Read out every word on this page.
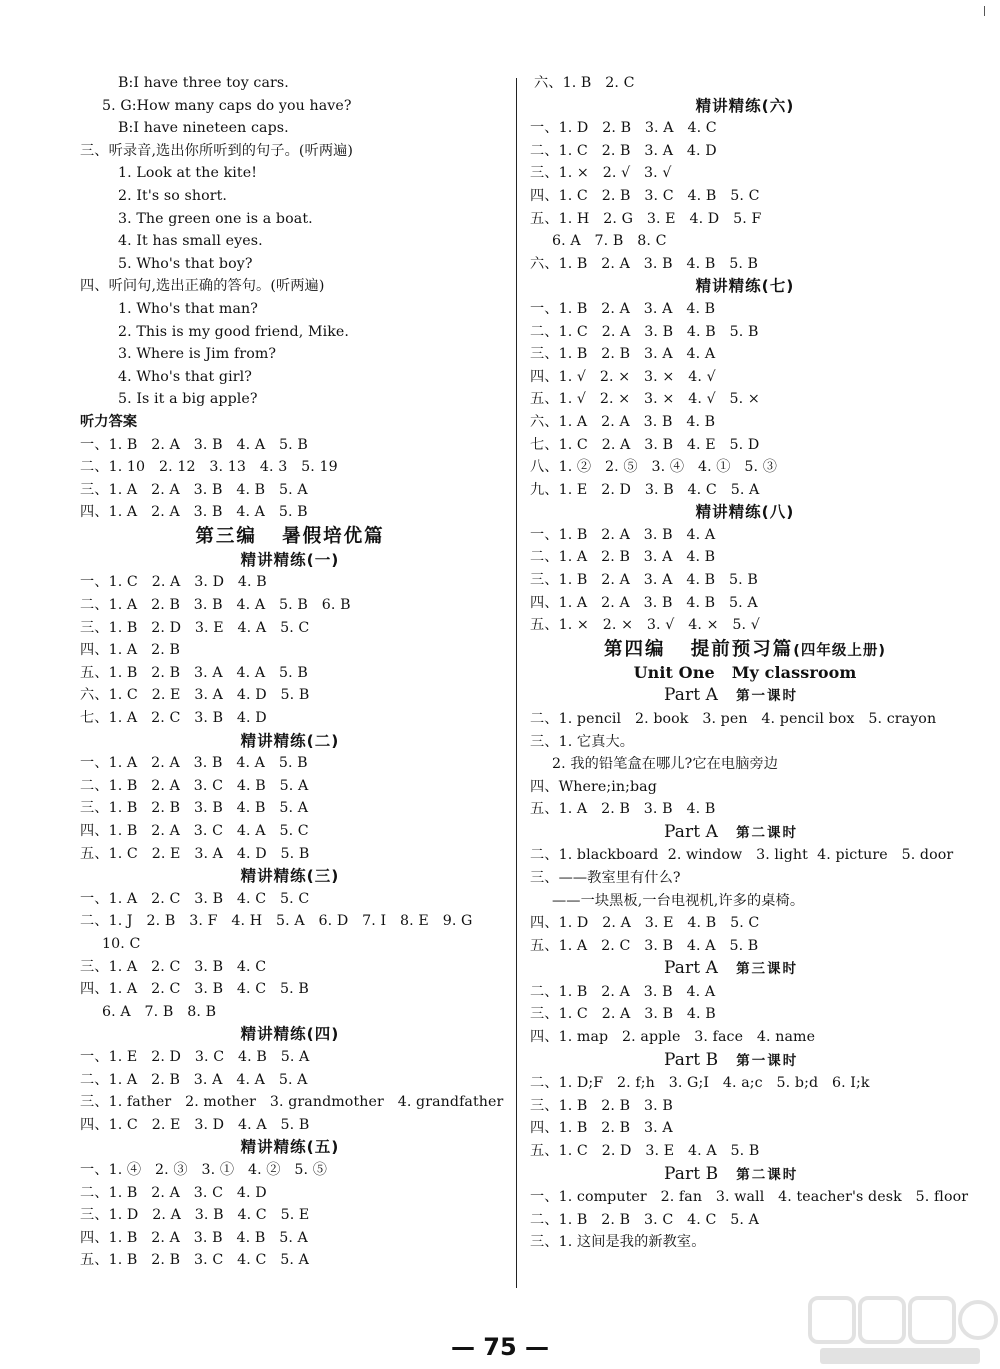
B:I have three toy cars.
5. G:How many caps do you have?
B:I have nineteen caps.
三、听录音,选出你所听到的句子。(听两遍)
1. Look at the kite!
2. It's so short.
3. The green one is a boat.
4. It has small eyes.
5. Who's that boy?
四、听问句,选出正确的答句。(听两遍)
1. Who's that man?
2. This is my good friend, Mike.
3. Where is Jim from?
4. Who's that girl?
5. Is it a big apple?
听力答案
一、1. B   2. A   3. B   4. A   5. B
二、1. 10   2. 12   3. 13   4. 3   5. 19
三、1. A   2. A   3. B   4. B   5. A
四、1. A   2. A   3. B   4. A   5. B
第三编   暑假培优篇
精讲精练(一)
一、1. C   2. A   3. D   4. B
二、1. A   2. B   3. B   4. A   5. B   6. B
三、1. B   2. D   3. E   4. A   5. C
四、1. A   2. B
五、1. B   2. B   3. A   4. A   5. B
六、1. C   2. E   3. A   4. D   5. B
七、1. A   2. C   3. B   4. D
精讲精练(二)
一、1. A   2. A   3. B   4. A   5. B
二、1. B   2. A   3. C   4. B   5. A
三、1. B   2. B   3. B   4. B   5. A
四、1. B   2. A   3. C   4. A   5. C
五、1. C   2. E   3. A   4. D   5. B
精讲精练(三)
一、1. A   2. C   3. B   4. C   5. C
二、1. J   2. B   3. F   4. H   5. A   6. D   7. I   8. E   9. G
10. C
三、1. A   2. C   3. B   4. C
四、1. A   2. C   3. B   4. C   5. B
6. A   7. B   8. B
精讲精练(四)
一、1. E   2. D   3. C   4. B   5. A
二、1. A   2. B   3. A   4. A   5. A
三、1. father   2. mother   3. grandmother   4. grandfather
四、1. C   2. E   3. D   4. A   5. B
精讲精练(五)
一、1. ④   2. ③   3. ①   4. ②   5. ⑤
二、1. B   2. A   3. C   4. D
三、1. D   2. A   3. B   4. C   5. E
四、1. B   2. A   3. B   4. B   5. A
五、1. B   2. B   3. C   4. C   5. A
六、1. B   2. C
精讲精练(六)
一、1. D   2. B   3. A   4. C
二、1. C   2. B   3. A   4. D
三、1. ×   2. √   3. √
四、1. C   2. B   3. C   4. B   5. C
五、1. H   2. G   3. E   4. D   5. F
6. A   7. B   8. C
六、1. B   2. A   3. B   4. B   5. B
精讲精练(七)
一、1. B   2. A   3. A   4. B
二、1. C   2. A   3. B   4. B   5. B
三、1. B   2. B   3. A   4. A
四、1. √   2. ×   3. ×   4. √
五、1. √   2. ×   3. ×   4. √   5. ×
六、1. A   2. A   3. B   4. B
七、1. C   2. A   3. B   4. E   5. D
八、1. ②   2. ⑤   3. ④   4. ①   5. ③
九、1. E   2. D   3. B   4. C   5. A
精讲精练(八)
一、1. B   2. A   3. B   4. A
二、1. A   2. B   3. A   4. B
三、1. B   2. A   3. A   4. B   5. B
四、1. A   2. A   3. B   4. B   5. A
五、1. ×   2. ×   3. √   4. ×   5. √
第四编   提前预习篇(四年级上册)
Unit One   My classroom
Part A 第一课时
二、1. pencil   2. book   3. pen   4. pencil box   5. crayon
三、1. 它真大。
2. 我的铅笔盒在哪儿?它在电脑旁边
四、Where;in;bag
五、1. A   2. B   3. B   4. B
Part A 第二课时
二、1. blackboard  2. window   3. light  4. picture   5. door
三、——教室里有什么?
——一块黑板,一台电视机,许多的桌椅。
四、1. D   2. A   3. E   4. B   5. C
五、1. A   2. C   3. B   4. A   5. B
Part A 第三课时
二、1. B   2. A   3. B   4. A
三、1. C   2. A   3. B   4. B
四、1. map   2. apple   3. face   4. name
Part B 第一课时
二、1. D;F   2. f;h   3. G;I   4. a;c   5. b;d   6. I;k
三、1. B   2. B   3. B
四、1. B   2. B   3. A
五、1. C   2. D   3. E   4. A   5. B
Part B 第二课时
一、1. computer   2. fan   3. wall   4. teacher's desk   5. floor
二、1. B   2. B   3. C   4. C   5. A
三、1. 这间是我的新教室。
— 75 —
